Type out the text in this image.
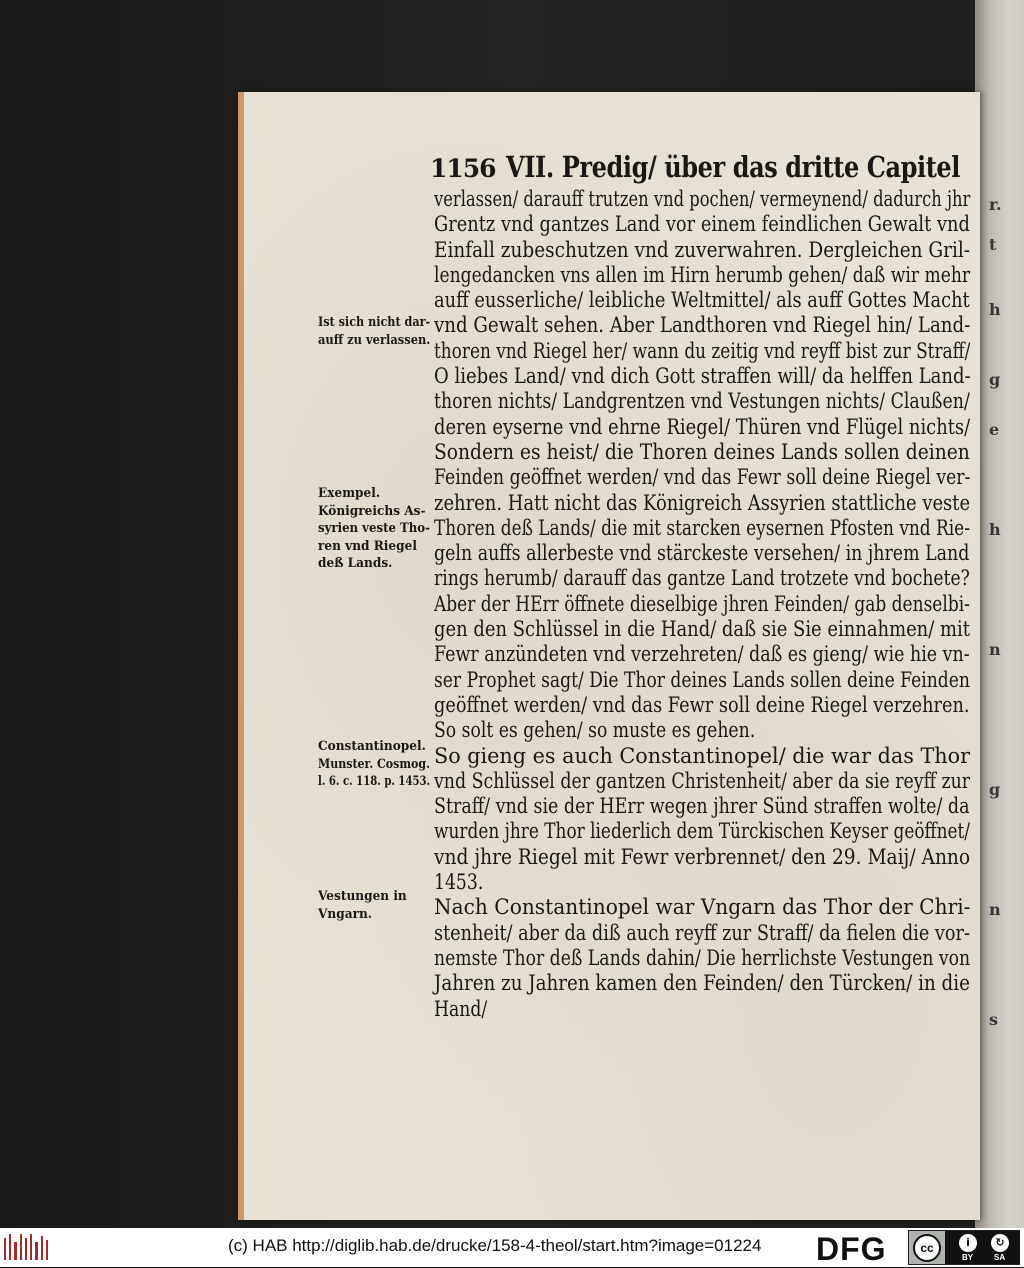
r.
t
h
g
e
h
n
g
n
s
1156 VII. Predig/ über das dritte Capitel
verlassen/ darauff trutzen vnd pochen/ vermeynend/ dadurch jhr
Grentz vnd gantzes Land vor einem feindlichen Gewalt vnd
Einfall zubeschutzen vnd zuverwahren. Dergleichen Gril-
lengedancken vns allen im Hirn herumb gehen/ daß wir mehr
auff eusserliche/ leibliche Weltmittel/ als auff Gottes Macht
vnd Gewalt sehen. Aber Landthoren vnd Riegel hin/ Land-
thoren vnd Riegel her/ wann du zeitig vnd reyff bist zur Straff/
O liebes Land/ vnd dich Gott straffen will/ da helffen Land-
thoren nichts/ Landgrentzen vnd Vestungen nichts/ Claußen/
deren eyserne vnd ehrne Riegel/ Thüren vnd Flügel nichts/
Sondern es heist/ die Thoren deines Lands sollen deinen
Feinden geöffnet werden/ vnd das Fewr soll deine Riegel ver-
zehren. Hatt nicht das Königreich Assyrien stattliche veste
Thoren deß Lands/ die mit starcken eysernen Pfosten vnd Rie-
geln auffs allerbeste vnd stärckeste versehen/ in jhrem Land
rings herumb/ darauff das gantze Land trotzete vnd bochete?
Aber der HErr öffnete dieselbige jhren Feinden/ gab denselbi-
gen den Schlüssel in die Hand/ daß sie Sie einnahmen/ mit
Fewr anzündeten vnd verzehreten/ daß es gieng/ wie hie vn-
ser Prophet sagt/ Die Thor deines Lands sollen deine Feinden
geöffnet werden/ vnd das Fewr soll deine Riegel verzehren.
So solt es gehen/ so muste es gehen.
So gieng es auch Constantinopel/ die war das Thor
vnd Schlüssel der gantzen Christenheit/ aber da sie reyff zur
Straff/ vnd sie der HErr wegen jhrer Sünd straffen wolte/ da
wurden jhre Thor liederlich dem Türckischen Keyser geöffnet/
vnd jhre Riegel mit Fewr verbrennet/ den 29. Maij/ Anno
1453.
Nach Constantinopel war Vngarn das Thor der Chri-
stenheit/ aber da diß auch reyff zur Straff/ da fielen die vor-
nemste Thor deß Lands dahin/ Die herrlichste Vestungen von
Jahren zu Jahren kamen den Feinden/ den Türcken/ in die
Hand/
Ist sich nicht dar-
auff zu verlassen.
Exempel.
Königreichs As-
syrien veste Tho-
ren vnd Riegel
deß Lands.
Constantinopel.
Munster. Cosmog.
l. 6. c. 118. p. 1453.
Vestungen in
Vngarn.
(c) HAB http://diglib.hab.de/drucke/158-4-theol/start.htm?image=01224 DFG	cc	i	↻
BY	SA
